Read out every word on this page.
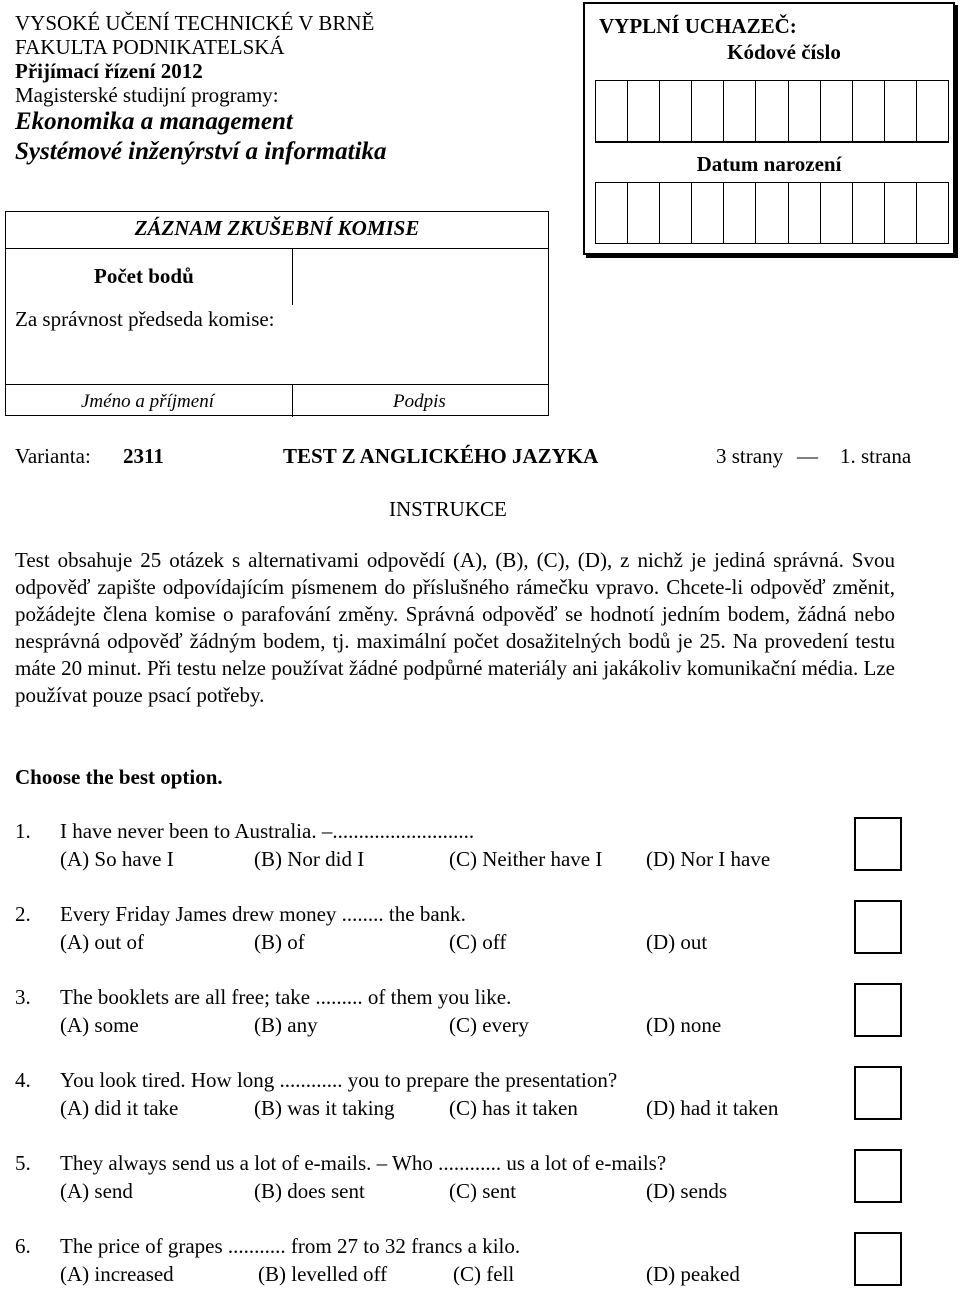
VYSOKÉ UČENÍ TECHNICKÉ V BRNĚ
FAKULTA PODNIKATELSKÁ
Přijímací řízení 2012
Magisterské studijní programy:
Ekonomika a management
Systémové inženýrství a informatika
VYPLNÍ UCHAZEČ:
Kódové číslo
Datum narození
ZÁZNAM ZKUŠEBNÍ KOMISE
Počet bodů
Za správnost předseda komise:
Jméno a příjmení	Podpis
Varianta: 2311	TEST Z ANGLICKÉHO JAZYKA	3 strany — 1. strana
INSTRUKCE
Test obsahuje 25 otázek s alternativami odpovědí (A), (B), (C), (D), z nichž je jediná správná. Svou odpověď zapište odpovídajícím písmenem do příslušného rámečku vpravo. Chcete-li odpověď změnit, požádejte člena komise o parafování změny. Správná odpověď se hodnotí jedním bodem, žádná nebo nesprávná odpověď žádným bodem, tj. maximální počet dosažitelných bodů je 25. Na provedení testu máte 20 minut. Při testu nelze používat žádné podpůrné materiály ani jakákoliv komunikační média. Lze používat pouze psací potřeby.
Choose the best option.
1. I have never been to Australia. –...........................
(A) So have I	(B) Nor did I	(C) Neither have I (D) Nor I have
2. Every Friday James drew money ........ the bank.
(A) out of	(B) of	(C) off	(D) out
3. The booklets are all free; take ......... of them you like.
(A) some	(B) any	(C) every	(D) none
4. You look tired. How long ............ you to prepare the presentation?
(A) did it take	(B) was it taking	(C) has it taken	(D) had it taken
5. They always send us a lot of e-mails. – Who ............ us a lot of e-mails?
(A) send	(B) does sent	(C) sent	(D) sends
6. The price of grapes ........... from 27 to 32 francs a kilo.
(A) increased	(B) levelled off	(C) fell	(D) peaked
